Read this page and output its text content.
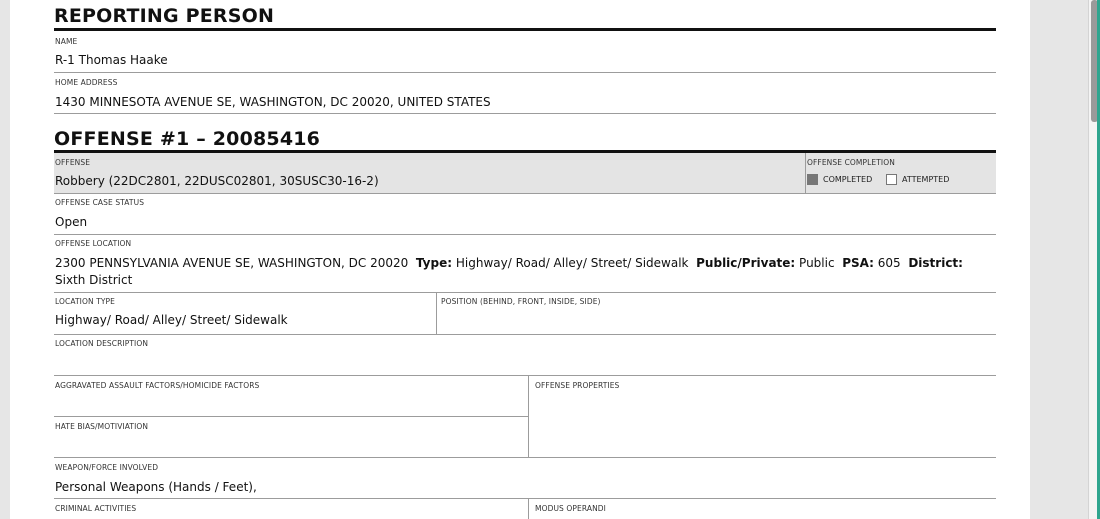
REPORTING PERSON
NAME
R-1 Thomas Haake
HOME ADDRESS
1430 MINNESOTA AVENUE SE, WASHINGTON, DC 20020, UNITED STATES
OFFENSE #1 – 20085416
OFFENSE
Robbery (22DC2801, 22DUSC02801, 30SUSC30-16-2)
OFFENSE COMPLETION
COMPLETED	ATTEMPTED
OFFENSE CASE STATUS
Open
OFFENSE LOCATION
2300 PENNSYLVANIA AVENUE SE, WASHINGTON, DC 20020 Type: Highway/ Road/ Alley/ Street/ Sidewalk Public/Private: Public PSA: 605 District:
Sixth District
LOCATION TYPE
Highway/ Road/ Alley/ Street/ Sidewalk
POSITION (BEHIND, FRONT, INSIDE, SIDE)
LOCATION DESCRIPTION
AGGRAVATED ASSAULT FACTORS/HOMICIDE FACTORS	OFFENSE PROPERTIES
HATE BIAS/MOTIVIATION
WEAPON/FORCE INVOLVED
Personal Weapons (Hands / Feet),
CRIMINAL ACTIVITIES	MODUS OPERANDI
